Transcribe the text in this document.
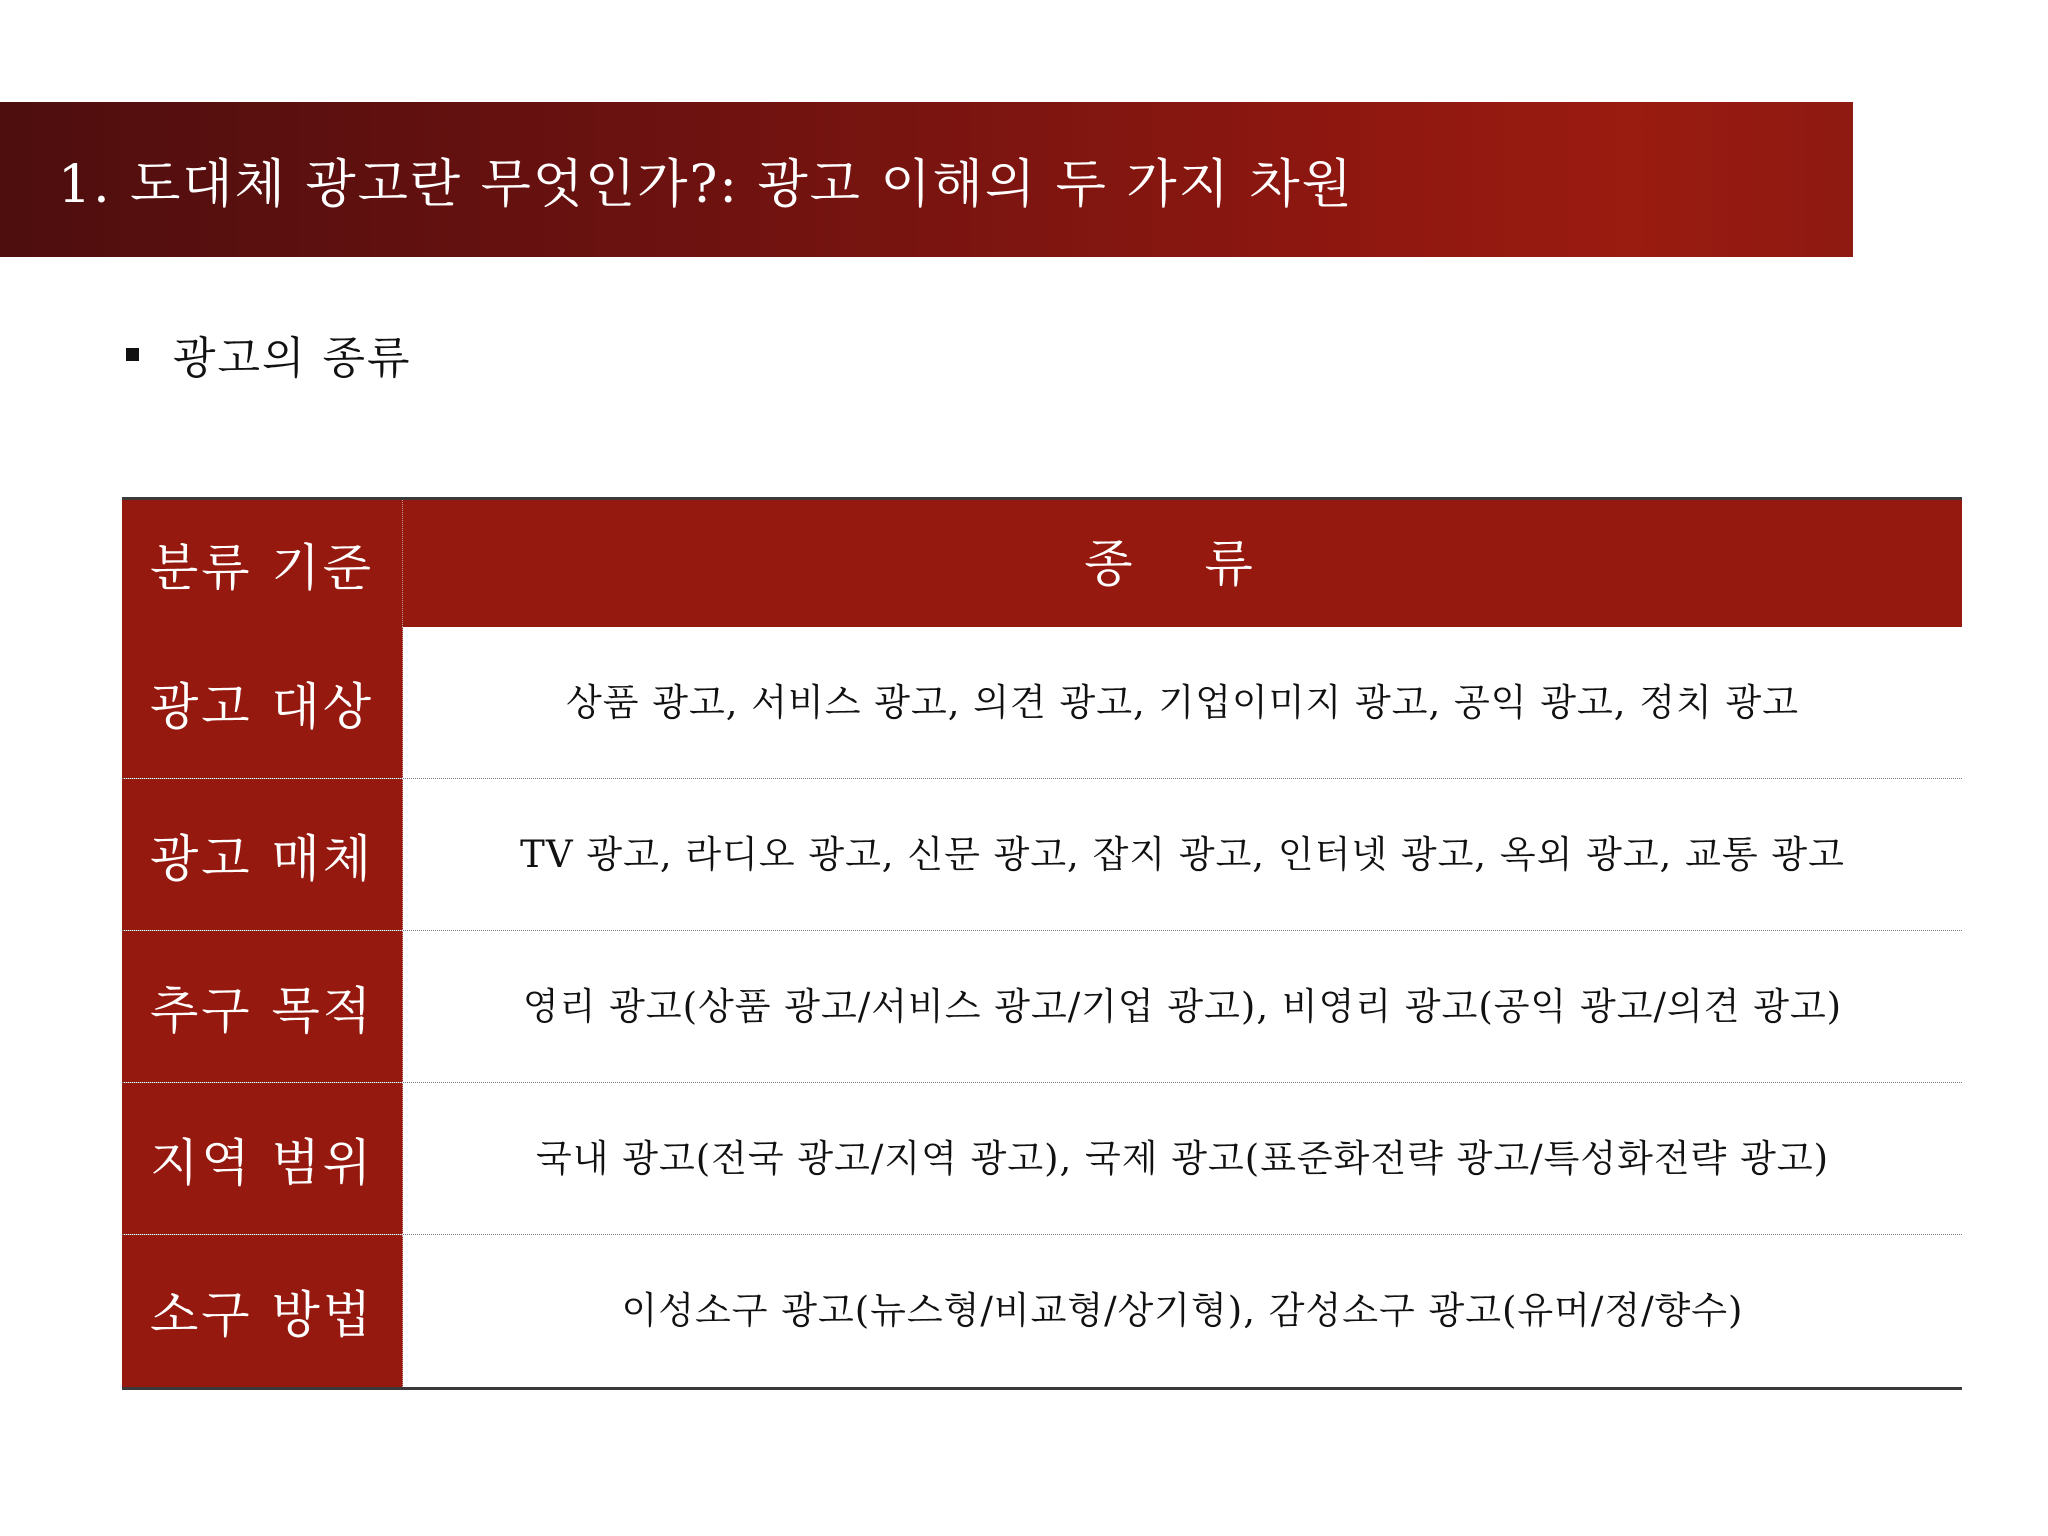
1. 도대체 광고란 무엇인가?: 광고 이해의 두 가지 차원
광고의 종류
분류 기준	종 류
광고 대상	상품 광고, 서비스 광고, 의견 광고, 기업이미지 광고, 공익 광고, 정치 광고
광고 매체	TV 광고, 라디오 광고, 신문 광고, 잡지 광고, 인터넷 광고, 옥외 광고, 교통 광고
추구 목적	영리 광고(상품 광고/서비스 광고/기업 광고), 비영리 광고(공익 광고/의견 광고)
지역 범위	국내 광고(전국 광고/지역 광고), 국제 광고(표준화전략 광고/특성화전략 광고)
소구 방법	이성소구 광고(뉴스형/비교형/상기형), 감성소구 광고(유머/정/향수)
